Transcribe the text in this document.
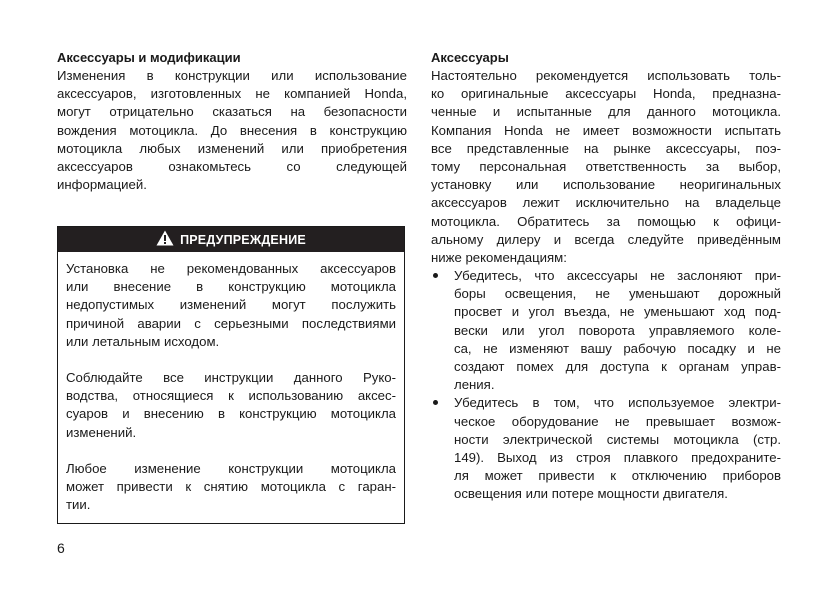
Аксессуары и модификации
Изменения в конструкции или использование
аксессуаров, изготовленных не компанией Honda,
могут отрицательно сказаться на безопасности
вождения мотоцикла. До внесения в конструкцию
мотоцикла любых изменений или приобретения
аксессуаров ознакомьтесь со следующей
информацией.
ПРЕДУПРЕЖДЕНИЕ
Установка не рекомендованных аксессуаров
или внесение в конструкцию мотоцикла
недопустимых изменений могут послужить
причиной аварии с серьезными последствиями
или летальным исходом.
Соблюдайте все инструкции данного Руко-
водства, относящиеся к использованию аксес-
суаров и внесению в конструкцию мотоцикла
изменений.
Любое изменение конструкции мотоцикла
может привести к снятию мотоцикла с гаран-
тии.
Аксессуары
Настоятельно рекомендуется использовать толь-
ко оригинальные аксессуары Honda, предназна-
ченные и испытанные для данного мотоцикла.
Компания Honda не имеет возможности испытать
все представленные на рынке аксессуары, поэ-
тому персональная ответственность за выбор,
установку или использование неоригинальных
аксессуаров лежит исключительно на владельце
мотоцикла. Обратитесь за помощью к офици-
альному дилеру и всегда следуйте приведённым
ниже рекомендациям:
Убедитесь, что аксессуары не заслоняют при-
боры освещения, не уменьшают дорожный
просвет и угол въезда, не уменьшают ход под-
вески или угол поворота управляемого коле-
са, не изменяют вашу рабочую посадку и не
создают помех для доступа к органам управ-
ления.
Убедитесь в том, что используемое электри-
ческое оборудование не превышает возмож-
ности электрической системы мотоцикла (стр.
149). Выход из строя плавкого предохраните-
ля может привести к отключению приборов
освещения или потере мощности двигателя.
6
